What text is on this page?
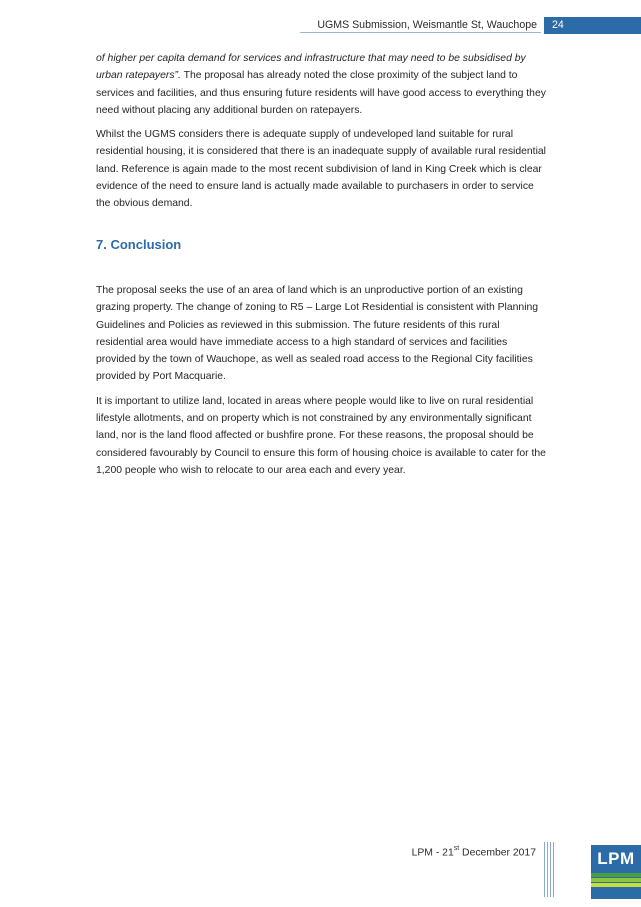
UGMS Submission, Weismantle St, Wauchope	24

of higher per capita demand for services and infrastructure that may need to be subsidised by urban ratepayers”. The proposal has already noted the close proximity of the subject land to services and facilities, and thus ensuring future residents will have good access to everything they need without placing any additional burden on ratepayers.

Whilst the UGMS considers there is adequate supply of undeveloped land suitable for rural residential housing, it is considered that there is an inadequate supply of available rural residential land. Reference is again made to the most recent subdivision of land in King Creek which is clear evidence of the need to ensure land is actually made available to purchasers in order to service the obvious demand.

7. Conclusion

The proposal seeks the use of an area of land which is an unproductive portion of an existing grazing property. The change of zoning to R5 – Large Lot Residential is consistent with Planning Guidelines and Policies as reviewed in this submission. The future residents of this rural residential area would have immediate access to a high standard of services and facilities provided by the town of Wauchope, as well as sealed road access to the Regional City facilities provided by Port Macquarie.

It is important to utilize land, located in areas where people would like to live on rural residential lifestyle allotments, and on property which is not constrained by any environmentally significant land, nor is the land flood affected or bushfire prone. For these reasons, the proposal should be considered favourably by Council to ensure this form of housing choice is available to cater for the 1,200 people who wish to relocate to our area each and every year.

LPM - 21st December 2017	LPM
